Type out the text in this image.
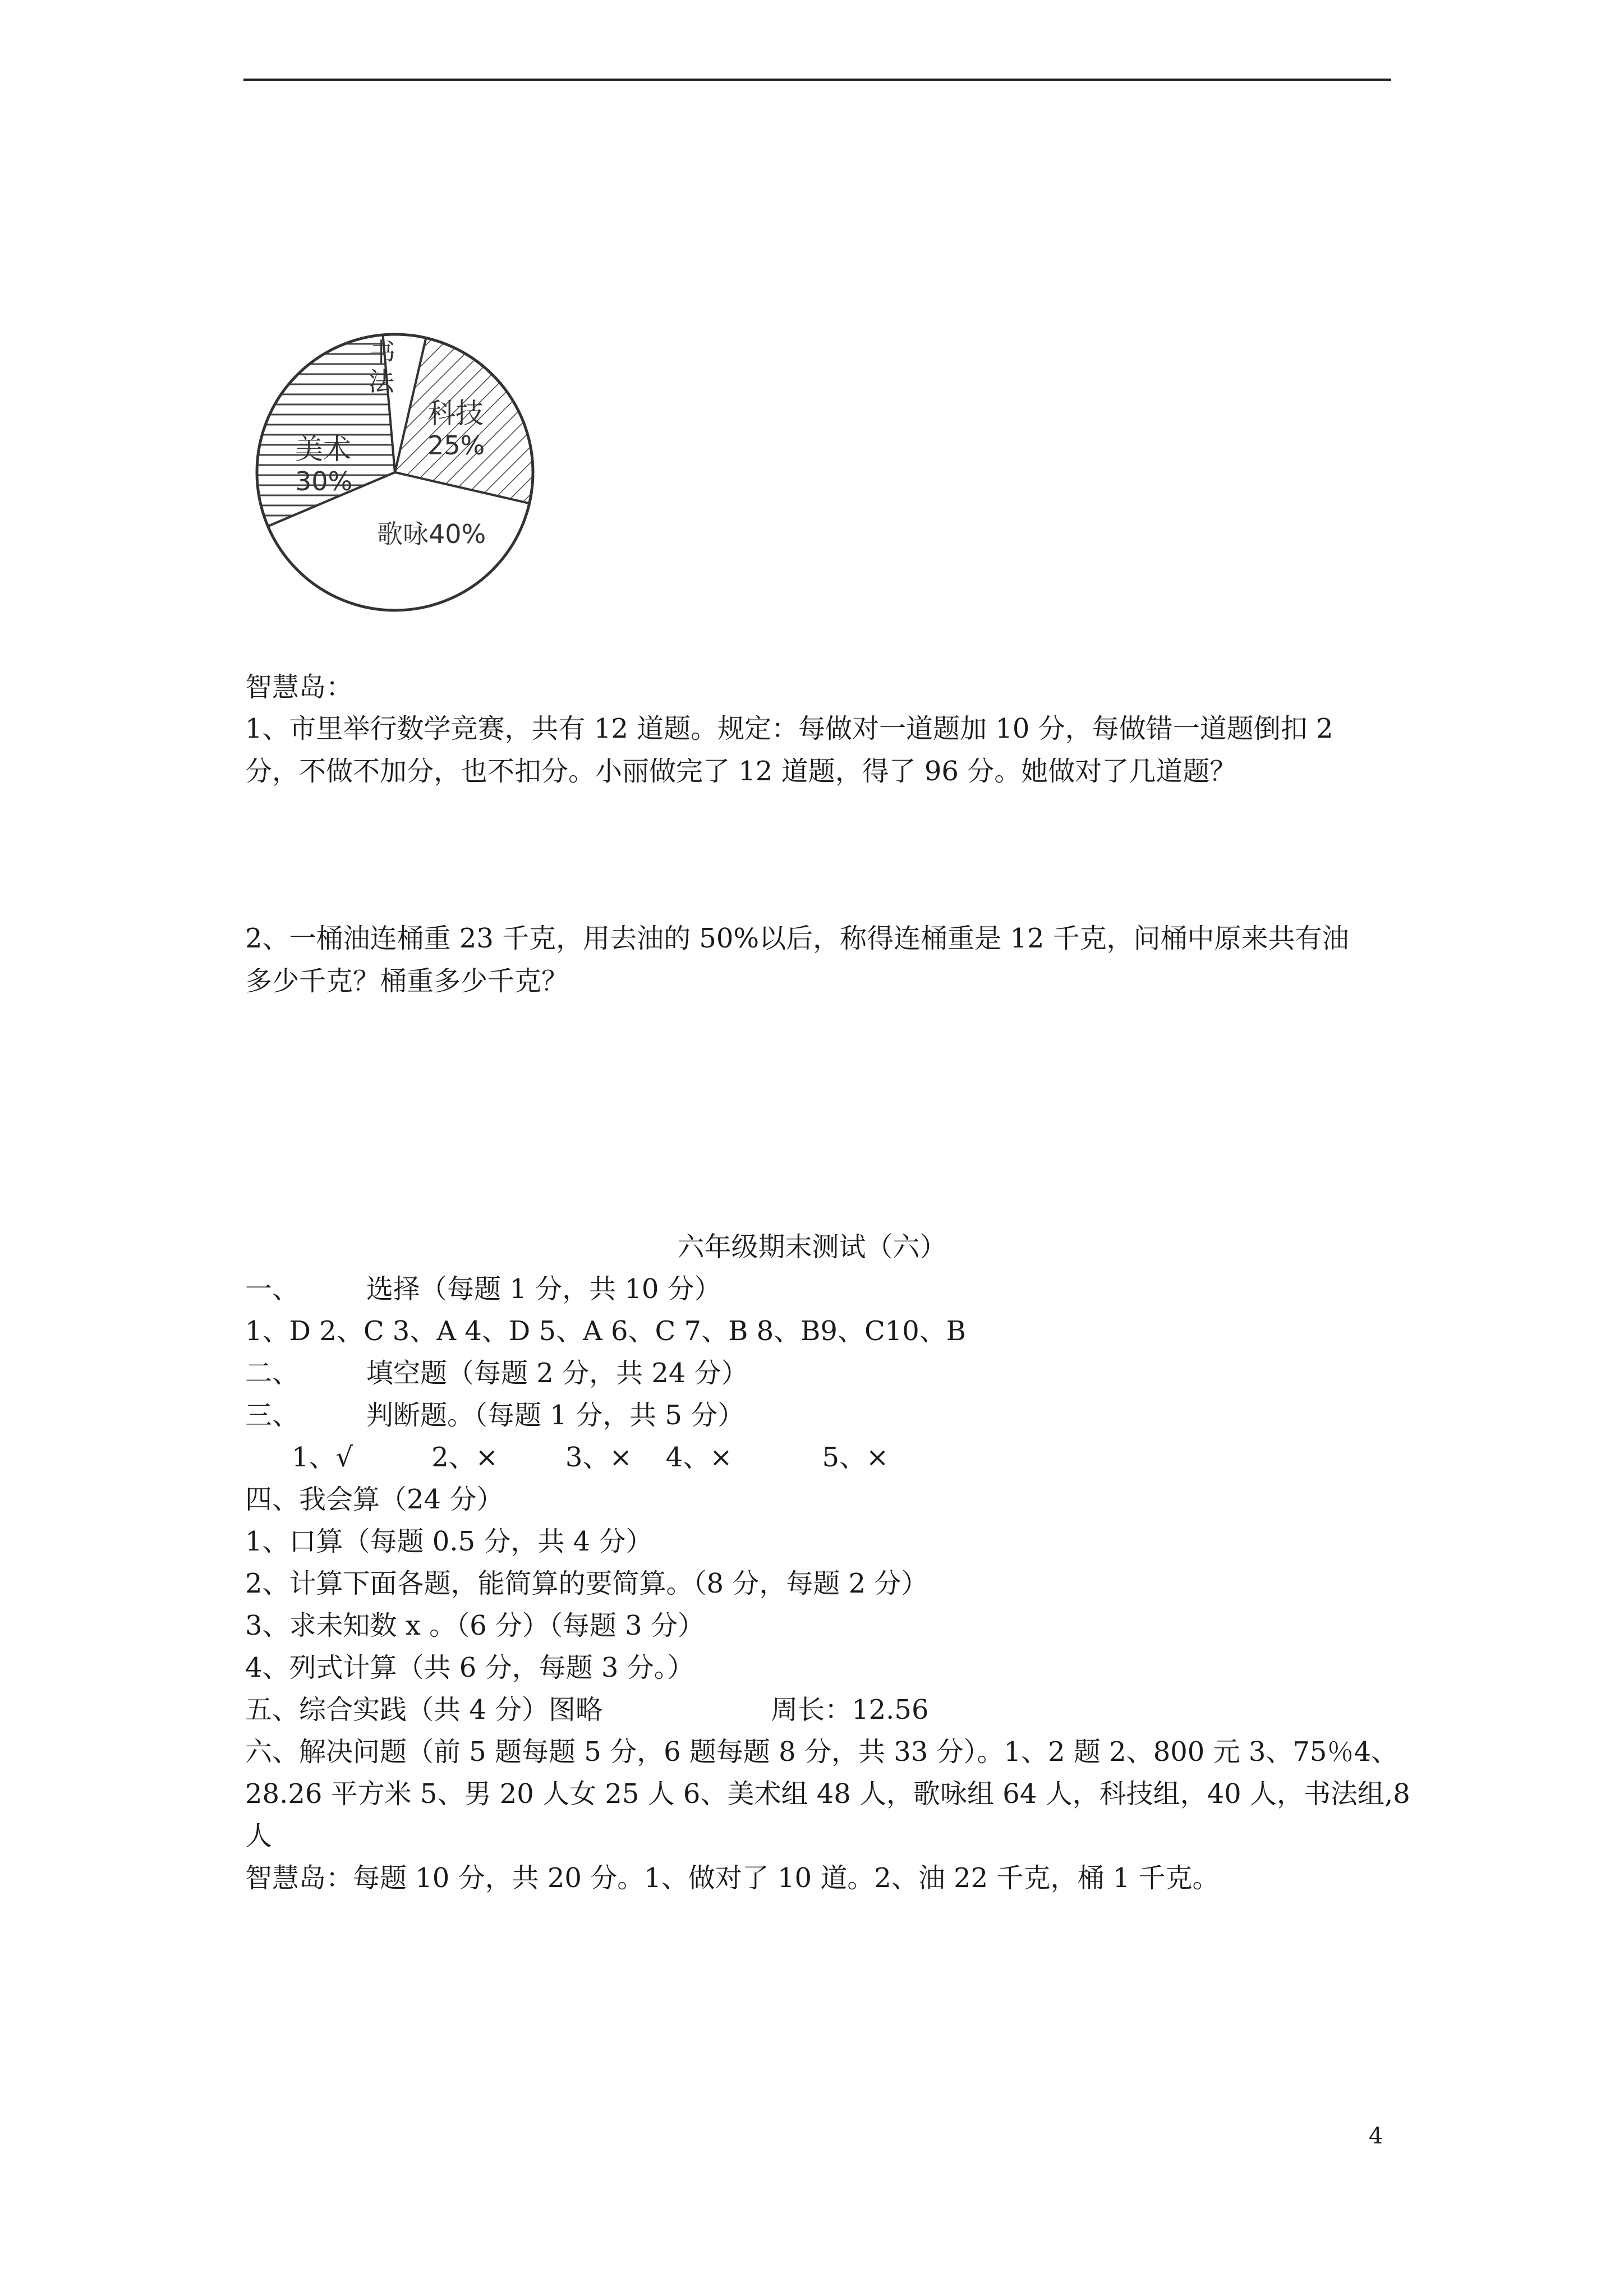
书
法
科技
25%
美术
30%
歌咏40%
智慧岛：
1、市里举行数学竞赛，共有 12 道题。规定：每做对一道题加 10 分，每做错一道题倒扣 2
分，不做不加分，也不扣分。小丽做完了 12 道题，得了 96 分。她做对了几道题？
2、一桶油连桶重 23 千克，用去油的 50%以后，称得连桶重是 12 千克，问桶中原来共有油
多少千克？桶重多少千克？
六年级期末测试（六）
一、	选择（每题 1 分，共 10 分）
1、D 2、C 3、A 4、D 5、A 6、C 7、B 8、B9、C10、B
二、	填空题（每题 2 分，共 24 分）
三、	判断题。（每题 1 分，共 5 分）
1、√	2、×	3、× 4、×	5、×
四、我会算（24 分）
1、口算（每题 0.5 分，共 4 分）
2、计算下面各题，能简算的要简算。（8 分，每题 2 分）
3、求未知数 x 。（6 分）（每题 3 分）
4、列式计算（共 6 分，每题 3 分。）
五、综合实践（共 4 分）图略	周长：12.56
六、解决问题（前 5 题每题 5 分，6 题每题 8 分，共 33 分）。1、2 题 2、800 元 3、75％4、
28.26 平方米 5、男 20 人女 25 人 6、美术组 48 人，歌咏组 64 人，科技组，40 人，书法组,8
人
智慧岛：每题 10 分，共 20 分。1、做对了 10 道。2、油 22 千克，桶 1 千克。
4
